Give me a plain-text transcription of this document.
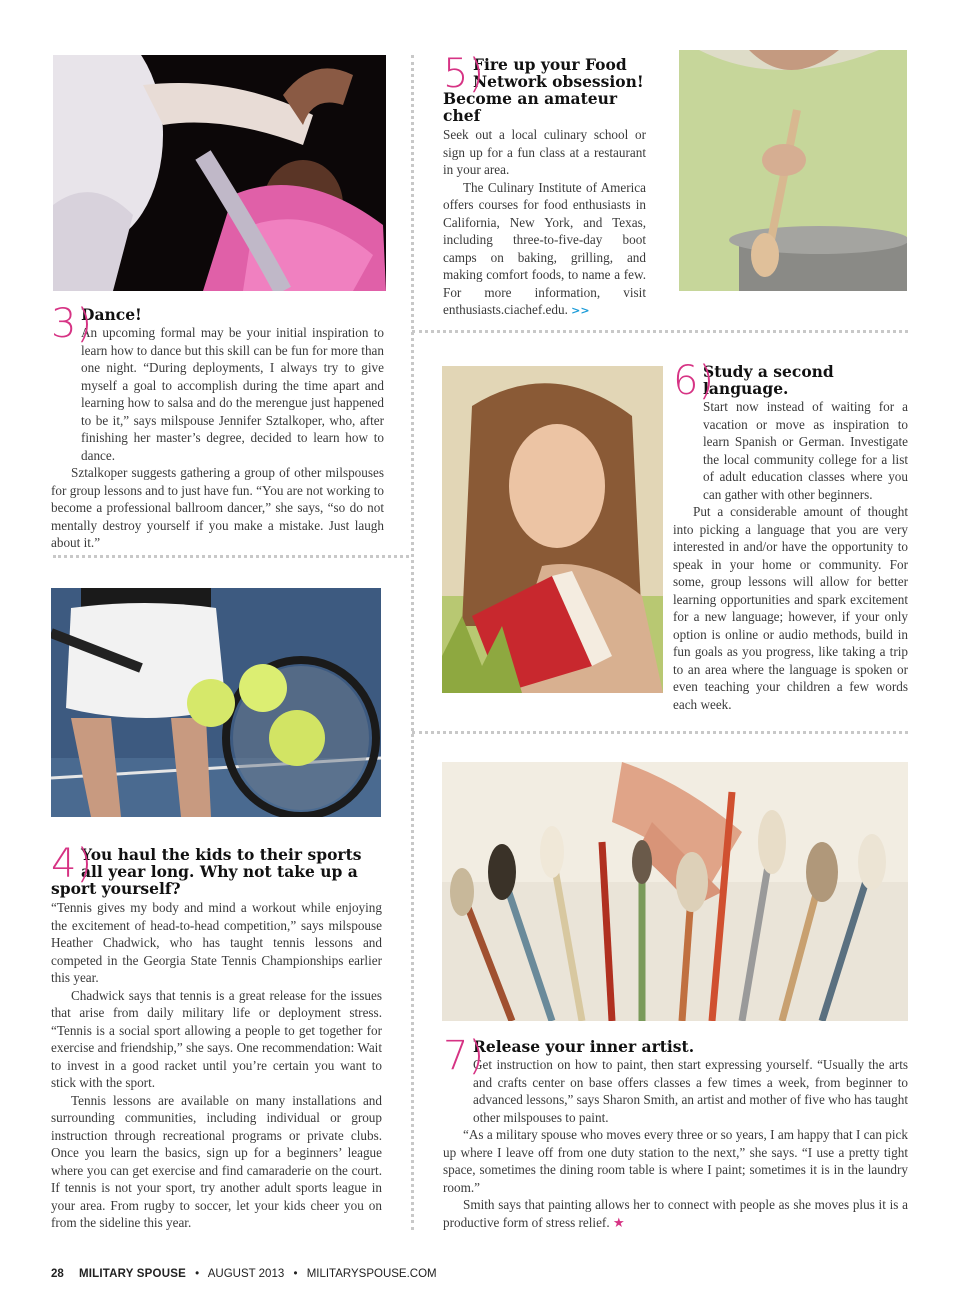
3)
Dance!

An upcoming formal may be your initial inspiration to learn how to dance but this skill can be fun for more than one night. “During deployments, I always try to give myself a goal to accomplish during the time apart and learning how to salsa and do the merengue just happened to be it,” says milspouse Jennifer Sztalkoper, who, after finishing her master’s degree, decided to learn how to dance.

Sztalkoper suggests gathering a group of other milspouses for group lessons and to just have fun. “You are not working to become a professional ballroom dancer,” she says, “so do not mentally destroy yourself if you make a mistake. Just laugh about it.”

4)
You haul the kids to their sports
all year long. Why not take up a
sport yourself?

“Tennis gives my body and mind a workout while enjoying the excitement of head-to-head competition,” says milspouse Heather Chadwick, who has taught tennis lessons and competed in the Georgia State Tennis Championships earlier this year.

Chadwick says that tennis is a great release for the issues that arise from daily military life or deployment stress. “Tennis is a social sport allowing a people to get together for exercise and friendship,” she says. One recommendation: Wait to invest in a good racket until you’re certain you want to stick with the sport.

Tennis lessons are available on many installations and surrounding communities, including individual or group instruction through recreational programs or private clubs. Once you learn the basics, sign up for a beginners’ league where you can get exercise and find camaraderie on the court. If tennis is not your sport, try another adult sports league in your area. From rugby to soccer, let your kids cheer you on from the sideline this year.

5)
Fire up your Food
Network obsession!
Become an amateur chef

Seek out a local culinary school or sign up for a fun class at a restaurant in your area.

The Culinary Institute of America offers courses for food enthusiasts in California, New York, and Texas, including three-to-five-day boot camps on baking, grilling, and making comfort foods, to name a few. For more information, visit enthusiasts.ciachef.edu. >>

6)
Study a second language.

Start now instead of waiting for a vacation or move as inspiration to learn Spanish or German. Investigate the local community college for a list of adult education classes where you can gather with other beginners.

Put a considerable amount of thought into picking a language that you are very interested in and/or have the opportunity to speak in your home or community. For some, group lessons will allow for better learning opportunities and spark excitement for a new language; however, if your only option is online or audio methods, build in fun goals as you progress, like taking a trip to an area where the language is spoken or even teaching your children a few words each week.

7)
Release your inner artist.

Get instruction on how to paint, then start expressing yourself. “Usually the arts and crafts center on base offers classes a few times a week, from beginner to advanced lessons,” says Sharon Smith, an artist and mother of five who has taught other milspouses to paint.

“As a military spouse who moves every three or so years, I am happy that I can pick up where I leave off from one duty station to the next,” she says. “I use a pretty tight space, sometimes the dining room table is where I paint; sometimes it is in the laundry room.”

Smith says that painting allows her to connect with people as she moves plus it is a productive form of stress relief. ★

28 MILITARY SPOUSE • AUGUST 2013 • MILITARYSPOUSE.COM
